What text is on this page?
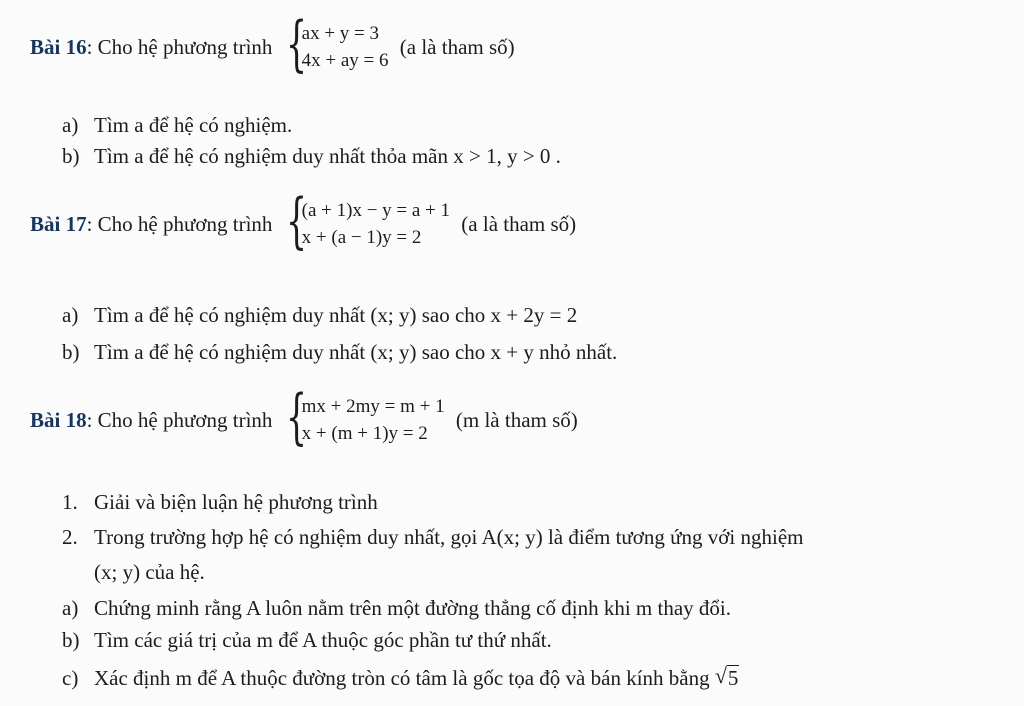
Bài 16: Cho hệ phương trình {
ax + y = 3
4x + ay = 6
(a là tham số)
a) Tìm a để hệ có nghiệm.
b) Tìm a để hệ có nghiệm duy nhất thỏa mãn x > 1, y > 0 .
Bài 17: Cho hệ phương trình {
(a + 1)x − y = a + 1
x + (a − 1)y = 2
(a là tham số)
a) Tìm a để hệ có nghiệm duy nhất (x; y) sao cho x + 2y = 2
b) Tìm a để hệ có nghiệm duy nhất (x; y) sao cho x + y nhỏ nhất.
Bài 18: Cho hệ phương trình {
mx + 2my = m + 1
x + (m + 1)y = 2
(m là tham số)
1. Giải và biện luận hệ phương trình
2. Trong trường hợp hệ có nghiệm duy nhất, gọi A(x; y) là điểm tương ứng với nghiệm
(x; y) của hệ.
a) Chứng minh rằng A luôn nằm trên một đường thẳng cố định khi m thay đổi.
b) Tìm các giá trị của m để A thuộc góc phần tư thứ nhất.
c) Xác định m để A thuộc đường tròn có tâm là gốc tọa độ và bán kính bằng √ 5
